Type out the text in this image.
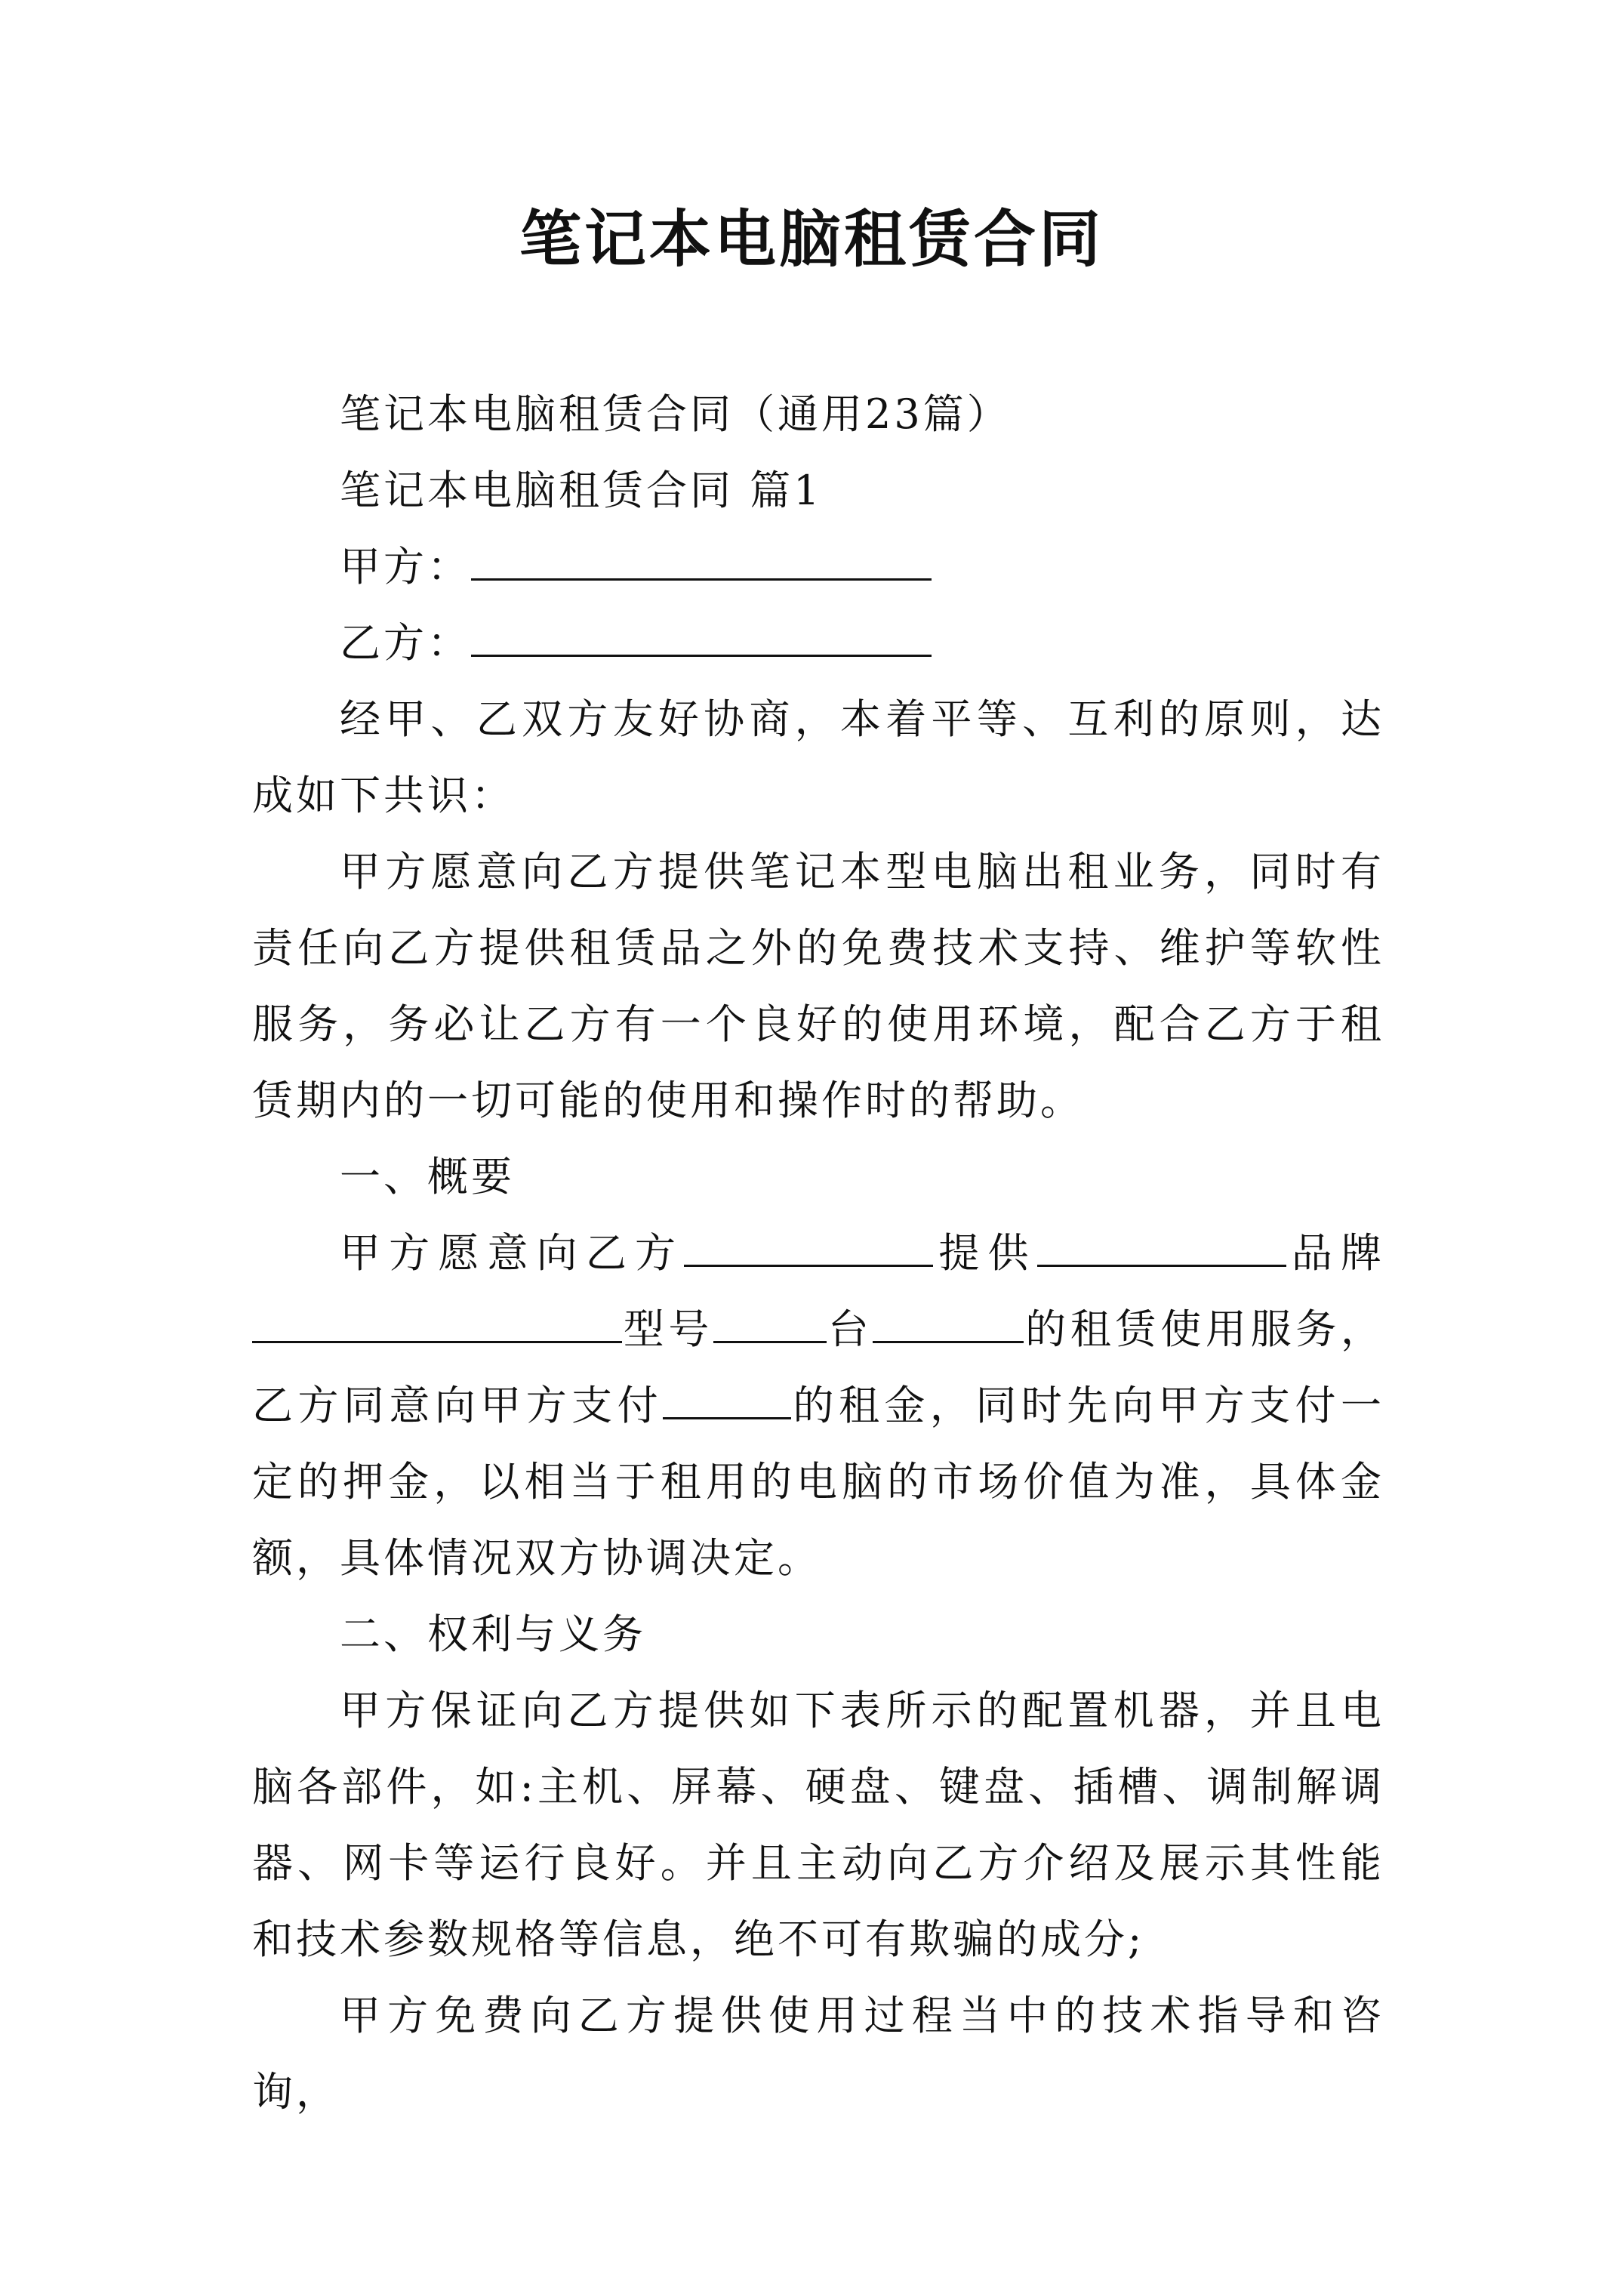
笔记本电脑租赁合同

笔记本电脑租赁合同（通用23篇）

笔记本电脑租赁合同 篇1

甲方：

乙方：

经甲、乙双方友好协商，本着平等、互利的原则，达成如下共识：

甲方愿意向乙方提供笔记本型电脑出租业务，同时有责任向乙方提供租赁品之外的免费技术支持、维护等软性服务，务必让乙方有一个良好的使用环境，配合乙方于租赁期内的一切可能的使用和操作时的帮助。

一、概要

甲方愿意向乙方	提供	品牌型号	台	的租赁使用服务，乙方同意向甲方支付	的租金，同时先向甲方支付一定的押金，以相当于租用的电脑的市场价值为准，具体金额，具体情况双方协调决定。

二、权利与义务

甲方保证向乙方提供如下表所示的配置机器，并且电脑各部件，如:主机、屏幕、硬盘、键盘、插槽、调制解调器、网卡等运行良好。并且主动向乙方介绍及展示其性能和技术参数规格等信息，绝不可有欺骗的成分;

甲方免费向乙方提供使用过程当中的技术指导和咨询，
